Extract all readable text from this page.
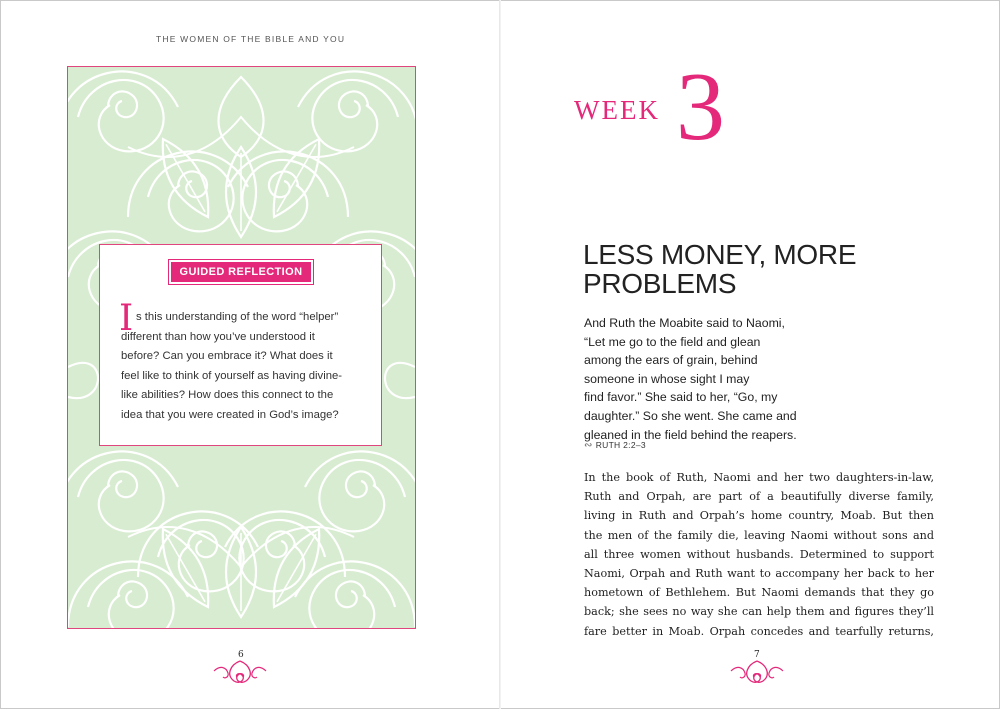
THE WOMEN OF THE BIBLE AND YOU
GUIDED REFLECTION
I s this understanding of the word “helper”
different than how you’ve understood it
before? Can you embrace it? What does it
feel like to think of yourself as having divine-
like abilities? How does this connect to the
idea that you were created in God’s image?
6
WEEK 3
LESS MONEY, MORE
PROBLEMS
And Ruth the Moabite said to Naomi,
“Let me go to the field and glean
among the ears of grain, behind
someone in whose sight I may
find favor.” She said to her, “Go, my
daughter.” So she went. She came and
gleaned in the field behind the reapers.
∾ RUTH 2:2–3
In the book of Ruth, Naomi and her two daughters-in-law,
Ruth and Orpah, are part of a beautifully diverse family,
living in Ruth and Orpah’s home country, Moab. But then
the men of the family die, leaving Naomi without sons and
all three women without husbands. Determined to support
Naomi, Orpah and Ruth want to accompany her back to her
hometown of Bethlehem. But Naomi demands that they go
back; she sees no way she can help them and figures they’ll
fare better in Moab. Orpah concedes and tearfully returns,
7
